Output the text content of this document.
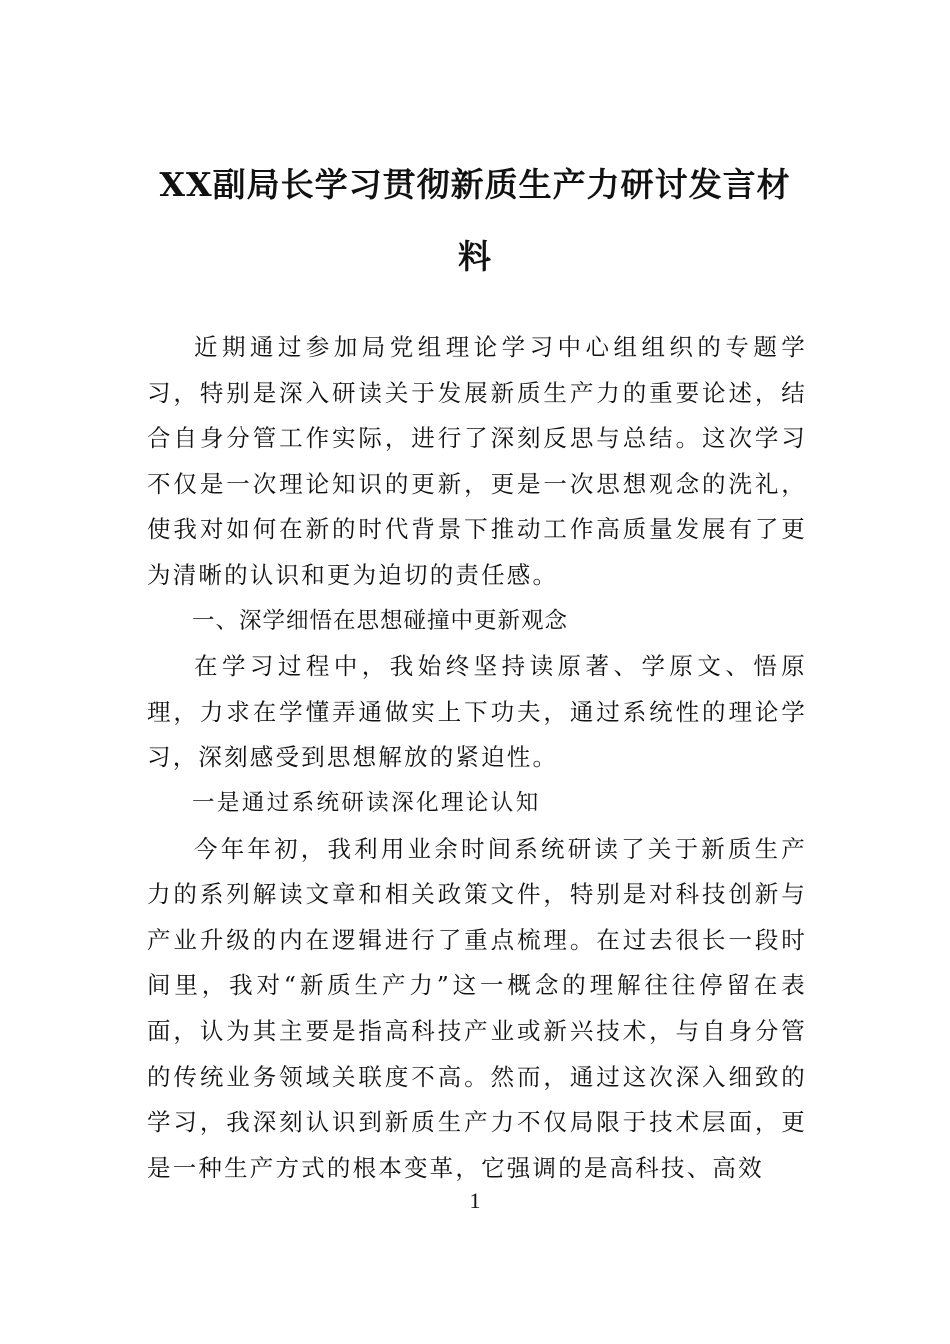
XX副局长学习贯彻新质生产力研讨发言材
料

近期通过参加局党组理论学习中心组组织的专题学习，特别是深入研读关于发展新质生产力的重要论述，结合自身分管工作实际，进行了深刻反思与总结。这次学习不仅是一次理论知识的更新，更是一次思想观念的洗礼，使我对如何在新的时代背景下推动工作高质量发展有了更为清晰的认识和更为迫切的责任感。

一、深学细悟在思想碰撞中更新观念

在学习过程中，我始终坚持读原著、学原文、悟原理，力求在学懂弄通做实上下功夫，通过系统性的理论学习，深刻感受到思想解放的紧迫性。

一是通过系统研读深化理论认知

今年年初，我利用业余时间系统研读了关于新质生产力的系列解读文章和相关政策文件，特别是对科技创新与产业升级的内在逻辑进行了重点梳理。在过去很长一段时间里，我对“新质生产力”这一概念的理解往往停留在表面，认为其主要是指高科技产业或新兴技术，与自身分管的传统业务领域关联度不高。然而，通过这次深入细致的学习，我深刻认识到新质生产力不仅局限于技术层面，更是一种生产方式的根本变革，它强调的是高科技、高效

1
